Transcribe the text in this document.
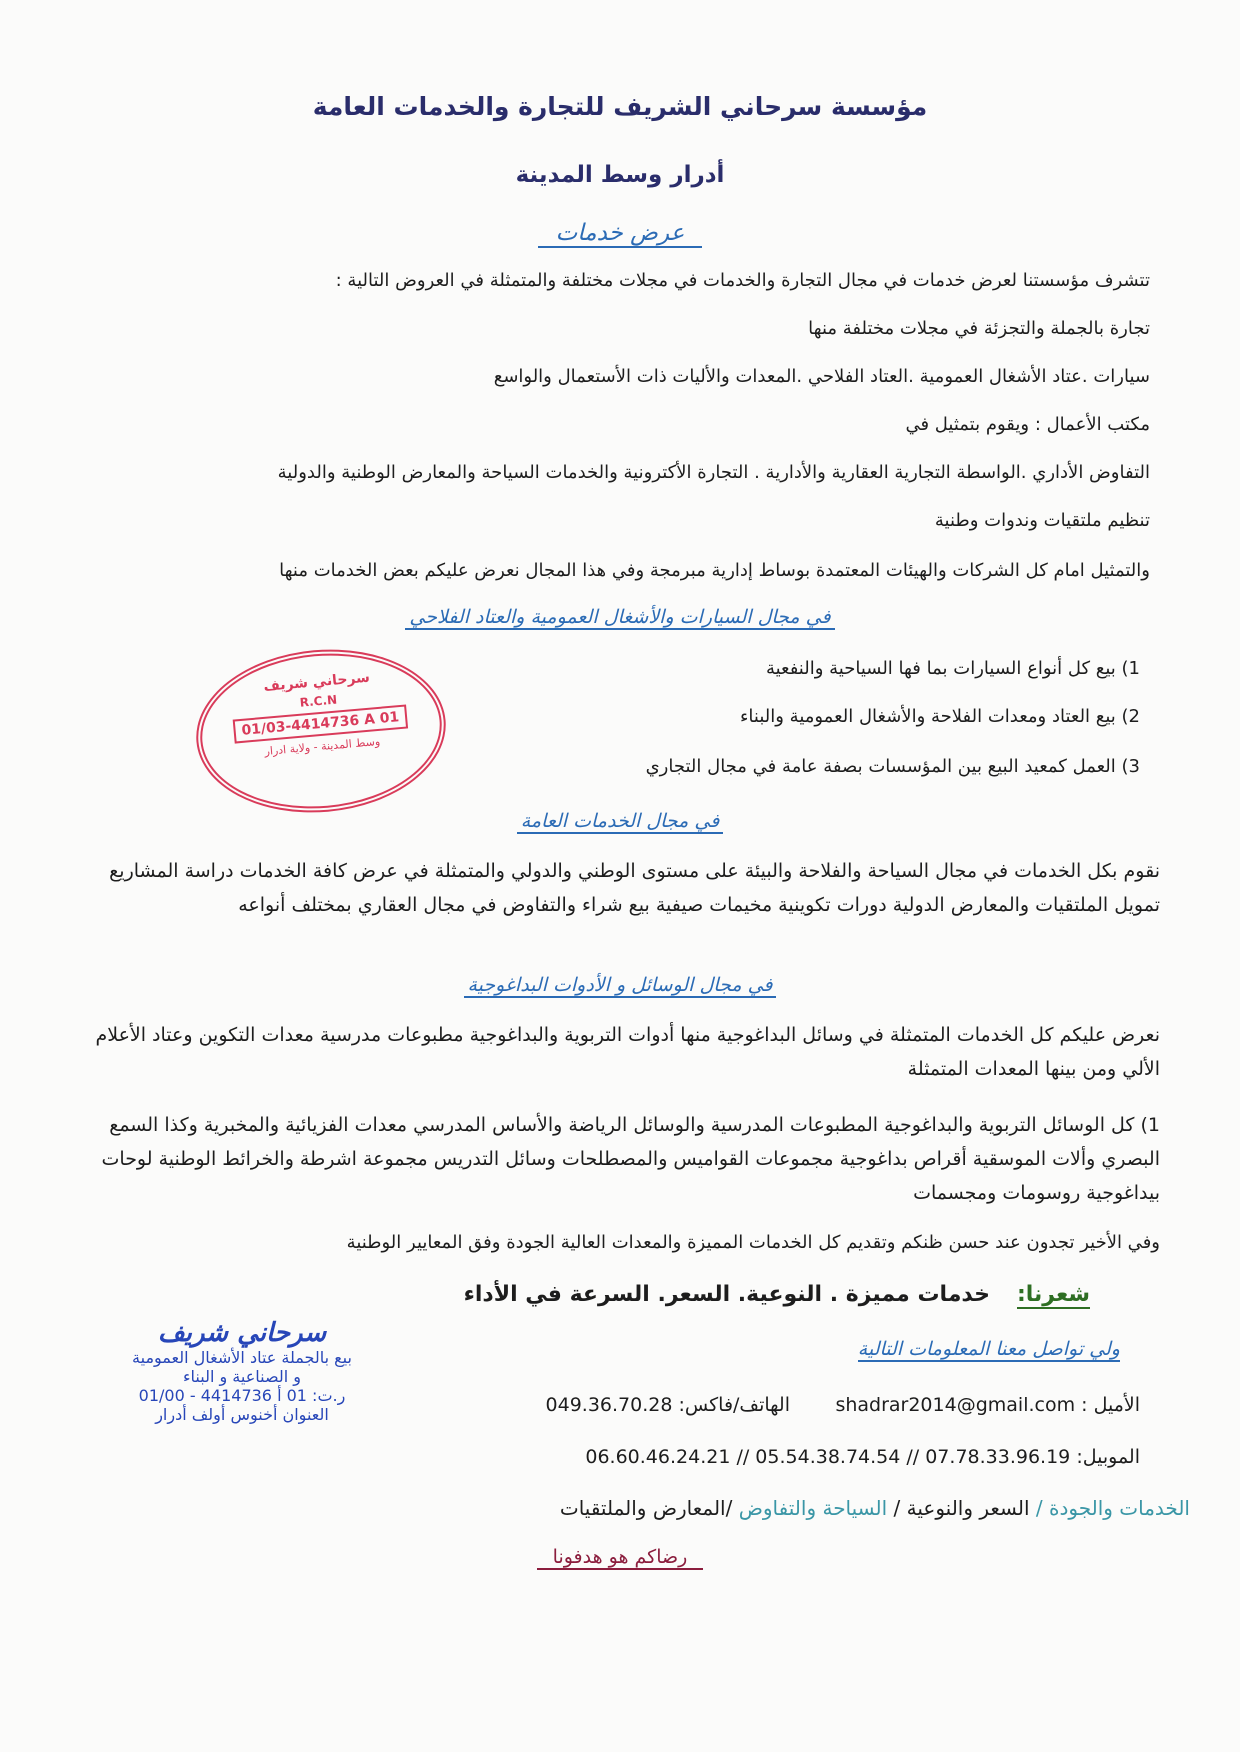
مؤسسة سرحاني الشريف للتجارة والخدمات العامة
أدرار وسط المدينة
عرض خدمات
تتشرف مؤسستنا لعرض خدمات في مجال التجارة والخدمات في مجلات مختلفة والمتمثلة في العروض التالية :
تجارة بالجملة والتجزئة في مجلات مختلفة منها
سيارات .عتاد الأشغال العمومية .العتاد الفلاحي .المعدات والأليات ذات الأستعمال والواسع
مكتب الأعمال : ويقوم بتمثيل في
التفاوض الأداري .الواسطة التجارية العقارية والأدارية . التجارة الأكترونية والخدمات السياحة والمعارض الوطنية والدولية
تنظيم ملتقيات وندوات وطنية
والتمثيل امام كل الشركات والهيئات المعتمدة بوساط إدارية مبرمجة وفي هذا المجال نعرض عليكم بعض الخدمات منها
في مجال السيارات والأشغال العمومية والعتاد الفلاحي
1) بيع كل أنواع السيارات بما فها السياحية والنفعية
2) بيع العتاد ومعدات الفلاحة والأشغال العمومية والبناء
3) العمل كمعيد البيع بين المؤسسات بصفة عامة في مجال التجاري
سرحاني شريف
R.C.N
01/03-4414736 A 01
وسط المدينة - ولاية ادرار
في مجال الخدمات العامة
نقوم بكل الخدمات في مجال السياحة والفلاحة والبيئة على مستوى الوطني والدولي والمتمثلة في عرض كافة الخدمات دراسة المشاريع تمويل الملتقيات والمعارض الدولية دورات تكوينية مخيمات صيفية بيع شراء والتفاوض في مجال العقاري بمختلف أنواعه
في مجال الوسائل و الأدوات البداغوجية
نعرض عليكم كل الخدمات المتمثلة في وسائل البداغوجية منها أدوات التربوية والبداغوجية مطبوعات مدرسية معدات التكوين وعتاد الأعلام الألي ومن بينها المعدات المتمثلة
1) كل الوسائل التربوية والبداغوجية المطبوعات المدرسية والوسائل الرياضة والأساس المدرسي معدات الفزيائية والمخبرية وكذا السمع البصري وألات الموسقية أقراص بداغوجية مجموعات القواميس والمصطلحات وسائل التدريس مجموعة اشرطة والخرائط الوطنية لوحات بيداغوجية روسومات ومجسمات
وفي الأخير تجدون عند حسن ظنكم وتقديم كل الخدمات المميزة والمعدات العالية الجودة وفق المعايير الوطنية
شعرنا:
خدمات مميزة . النوعية. السعر. السرعة في الأداء
سرحاني شريف
بيع بالجملة عتاد الأشغال العمومية
و الصناعية و البناء
ر.ت: 01 أ 4414736 - 01/00
العنوان أخنوس أولف أدرار
ولي تواصل معنا المعلومات التالية
الأميل : shadrar2014@gmail.com
الهاتف/فاكس: 049.36.70.28
الموبيل: 06.60.46.24.21 // 05.54.38.74.54 // 07.78.33.96.19
الخدمات والجودة / السعر والنوعية / السياحة والتفاوض /المعارض والملتقيات
رضاكم هو هدفونا
